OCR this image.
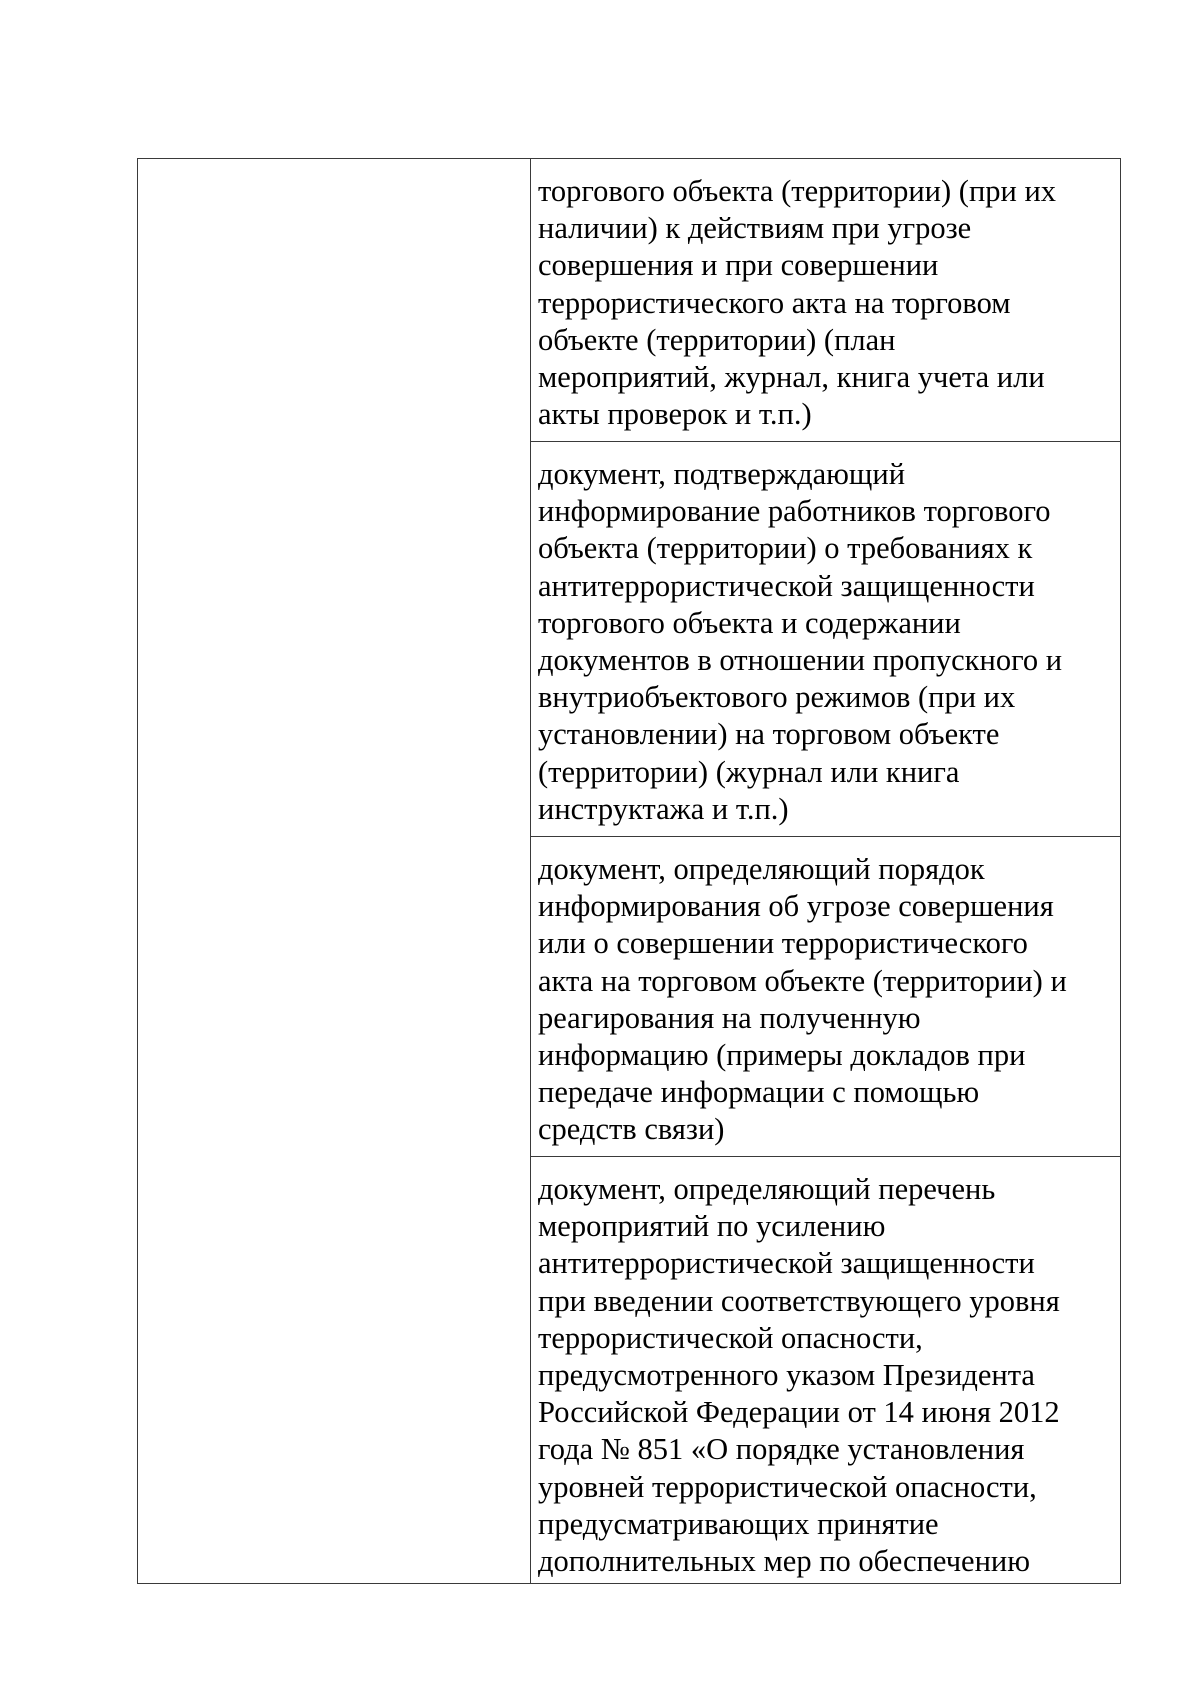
торгового объекта (территории) (при их
наличии) к действиям при угрозе
совершения и при совершении
террористического акта на торговом
объекте (территории) (план
мероприятий, журнал, книга учета или
акты проверок и т.п.)

документ, подтверждающий
информирование работников торгового
объекта (территории) о требованиях к
антитеррористической защищенности
торгового объекта и содержании
документов в отношении пропускного и
внутриобъектового режимов (при их
установлении) на торговом объекте
(территории) (журнал или книга
инструктажа и т.п.)

документ, определяющий порядок
информирования об угрозе совершения
или о совершении террористического
акта на торговом объекте (территории) и
реагирования на полученную
информацию (примеры докладов при
передаче информации с помощью
средств связи)

документ, определяющий перечень
мероприятий по усилению
антитеррористической защищенности
при введении соответствующего уровня
террористической опасности,
предусмотренного указом Президента
Российской Федерации от 14 июня 2012
года № 851 «О порядке установления
уровней террористической опасности,
предусматривающих принятие
дополнительных мер по обеспечению
